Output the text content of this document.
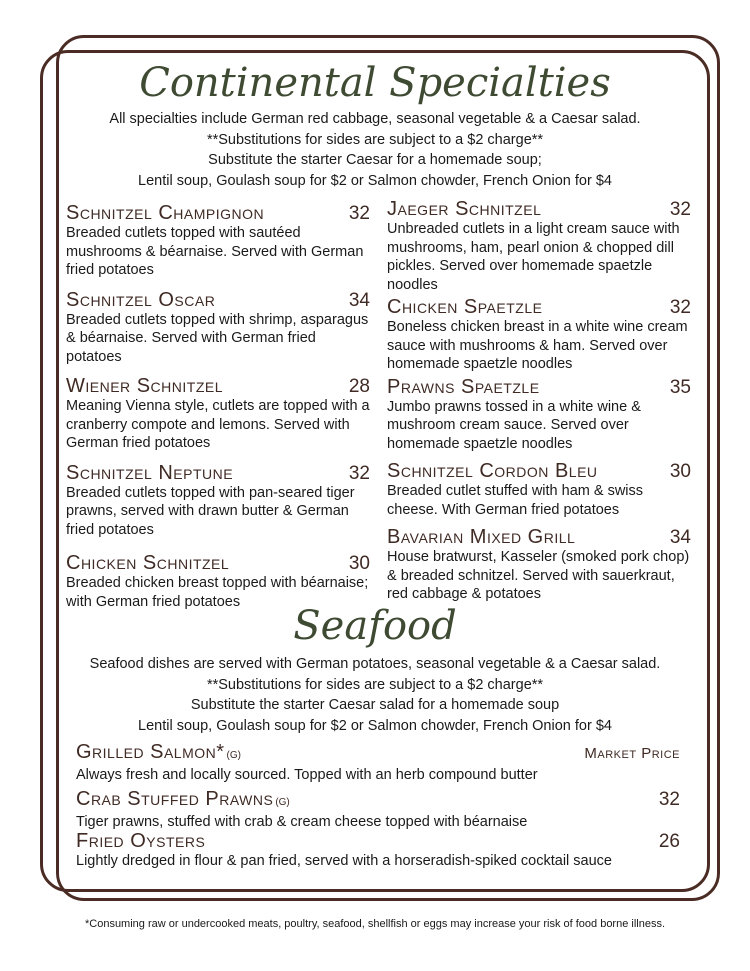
Continental Specialties
All specialties include German red cabbage, seasonal vegetable & a Caesar salad.
**Substitutions for sides are subject to a $2 charge**
Substitute the starter Caesar for a homemade soup;
Lentil soup, Goulash soup for $2 or Salmon chowder, French Onion for $4
Schnitzel Champignon	32
Breaded cutlets topped with sautéed mushrooms & béarnaise. Served with German fried potatoes
Schnitzel Oscar	34
Breaded cutlets topped with shrimp, asparagus & béarnaise. Served with German fried potatoes
Wiener Schnitzel	28
Meaning Vienna style, cutlets are topped with a cranberry compote and lemons. Served with German fried potatoes
Schnitzel Neptune	32
Breaded cutlets topped with pan-seared tiger prawns, served with drawn butter & German fried potatoes
Chicken Schnitzel	30
Breaded chicken breast topped with béarnaise; with German fried potatoes
Jaeger Schnitzel	32
Unbreaded cutlets in a light cream sauce with mushrooms, ham, pearl onion & chopped dill pickles. Served over homemade spaetzle noodles
Chicken Spaetzle	32
Boneless chicken breast in a white wine cream sauce with mushrooms & ham. Served over homemade spaetzle noodles
Prawns Spaetzle	35
Jumbo prawns tossed in a white wine & mushroom cream sauce. Served over homemade spaetzle noodles
Schnitzel Cordon Bleu	30
Breaded cutlet stuffed with ham & swiss cheese. With German fried potatoes
Bavarian Mixed Grill	34
House bratwurst, Kasseler (smoked pork chop) & breaded schnitzel. Served with sauerkraut, red cabbage & potatoes
Seafood
Seafood dishes are served with German potatoes, seasonal vegetable & a Caesar salad.
**Substitutions for sides are subject to a $2 charge**
Substitute the starter Caesar salad for a homemade soup
Lentil soup, Goulash soup for $2 or Salmon chowder, French Onion for $4
Grilled Salmon* (G)	Market Price
Always fresh and locally sourced. Topped with an herb compound butter
Crab Stuffed Prawns (G)	32
Tiger prawns, stuffed with crab & cream cheese topped with béarnaise
Fried Oysters	26
Lightly dredged in flour & pan fried, served with a horseradish-spiked cocktail sauce
*Consuming raw or undercooked meats, poultry, seafood, shellfish or eggs may increase your risk of food borne illness.
